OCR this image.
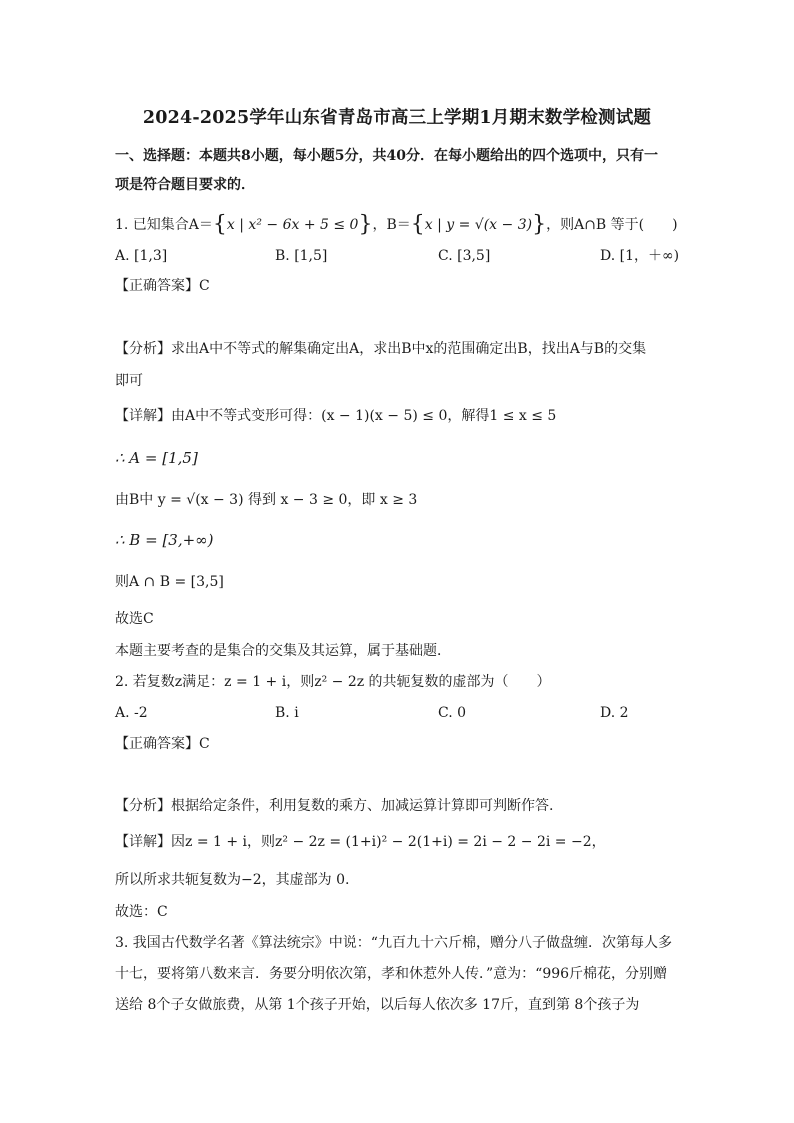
2024-2025学年山东省青岛市高三上学期1月期末数学检测试题
一、选择题：本题共8小题，每小题5分，共40分．在每小题给出的四个选项中，只有一
项是符合题目要求的．
1. 已知集合A＝{x | x² − 6x + 5 ≤ 0}，B＝{x | y = √(x − 3)}，则A∩B 等于(　　)
A. [1,3]	B. [1,5]	C. [3,5]	D. [1，＋∞)
【正确答案】C
【分析】求出A中不等式的解集确定出A，求出B中x的范围确定出B，找出A与B的交集
即可
【详解】由A中不等式变形可得：(x − 1)(x − 5) ≤ 0，解得1 ≤ x ≤ 5
∴ A = [1,5]
由B中 y = √(x − 3) 得到 x − 3 ≥ 0，即 x ≥ 3
∴ B = [3,+∞)
则A ∩ B = [3,5]
故选C
本题主要考查的是集合的交集及其运算，属于基础题．
2. 若复数z满足：z = 1 + i，则z² − 2z 的共轭复数的虚部为（　　）
A. -2	B. i	C. 0	D. 2
【正确答案】C
【分析】根据给定条件，利用复数的乘方、加减运算计算即可判断作答.
【详解】因z = 1 + i，则z² − 2z = (1+i)² − 2(1+i) = 2i − 2 − 2i = −2，
所以所求共轭复数为−2，其虚部为 0.
故选：C
3. 我国古代数学名著《算法统宗》中说：“九百九十六斤棉，赠分八子做盘缠．次第每人多
十七，要将第八数来言．务要分明依次第，孝和休惹外人传．”意为：“996斤棉花，分别赠
送给 8个子女做旅费，从第 1个孩子开始，以后每人依次多 17斤，直到第 8个孩子为
